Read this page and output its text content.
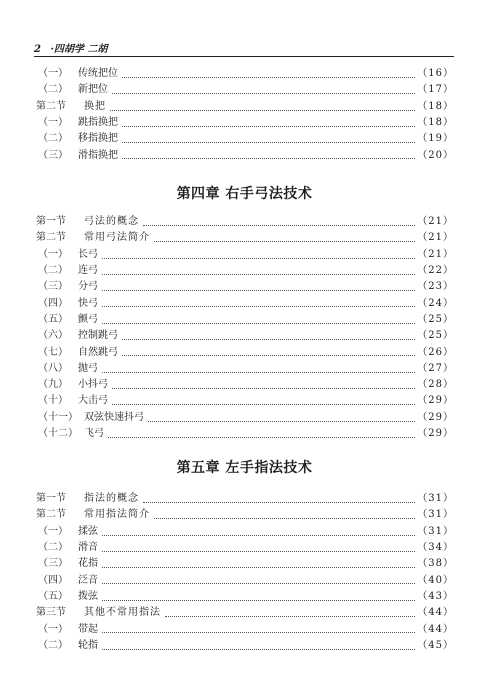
2 ·四胡学 二胡
（一）	传统把位	（16）
（二）	新把位	（17）
第二节	换把	（18）
（一）	跳指换把	（18）
（二）	移指换把	（19）
（三）	滑指换把	（20）
第四章 右手弓法技术
第一节	弓法的概念	（21）
第二节	常用弓法简介	（21）
（一）	长弓	（21）
（二）	连弓	（22）
（三）	分弓	（23）
（四）	快弓	（24）
（五）	颤弓	（25）
（六）	控制跳弓	（25）
（七）	自然跳弓	（26）
（八）	抛弓	（27）
（九）	小抖弓	（28）
（十）	大击弓	（29）
（十一） 双弦快速抖弓	（29）
（十二） 飞弓	（29）
第五章 左手指法技术
第一节	指法的概念	（31）
第二节	常用指法简介	（31）
（一）	揉弦	（31）
（二）	滑音	（34）
（三）	花指	（38）
（四）	泛音	（40）
（五）	拨弦	（43）
第三节	其他不常用指法	（44）
（一）	带起	（44）
（二）	轮指	（45）
